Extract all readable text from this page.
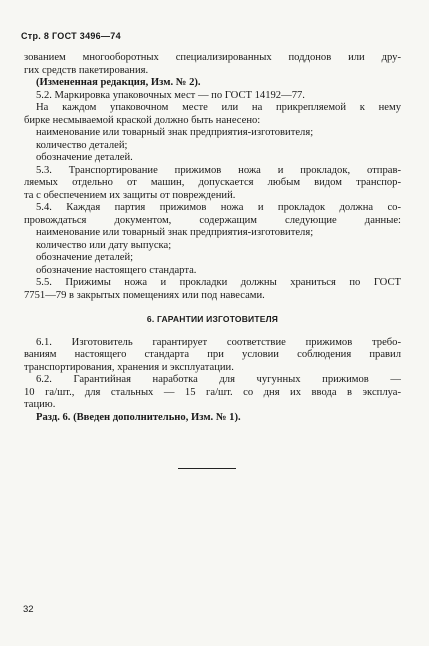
Стр. 8 ГОСТ 3496—74
зованием многооборотных специализированных поддонов или дру-
гих средств пакетирования.
(Измененная редакция, Изм. № 2).
5.2. Маркировка упаковочных мест — по ГОСТ 14192—77.
На каждом упаковочном месте или на прикрепляемой к нему
бирке несмываемой краской должно быть нанесено:
наименование или товарный знак предприятия-изготовителя;
количество деталей;
обозначение деталей.
5.3. Транспортирование прижимов ножа и прокладок, отправ-
ляемых отдельно от машин, допускается любым видом транспор-
та с обеспечением их защиты от повреждений.
5.4. Каждая партия прижимов ножа и прокладок должна со-
провождаться документом, содержащим следующие данные:
наименование или товарный знак предприятия-изготовителя;
количество или дату выпуска;
обозначение деталей;
обозначение настоящего стандарта.
5.5. Прижимы ножа и прокладки должны храниться по ГОСТ
7751—79 в закрытых помещениях или под навесами.
6. ГАРАНТИИ ИЗГОТОВИТЕЛЯ
6.1. Изготовитель гарантирует соответствие прижимов требо-
ваниям настоящего стандарта при условии соблюдения правил
транспортирования, хранения и эксплуатации.
6.2. Гарантийная наработка для чугунных прижимов —
10 га/шт., для стальных — 15 га/шт. со дня их ввода в эксплуа-
тацию.
Разд. 6. (Введен дополнительно, Изм. № 1).
32
